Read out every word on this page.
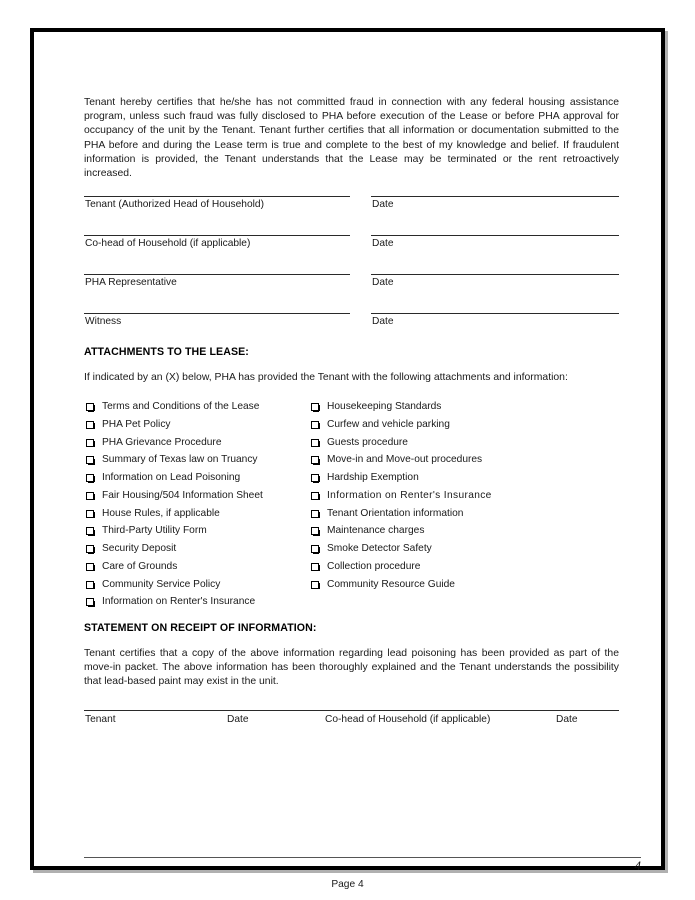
Tenant hereby certifies that he/she has not committed fraud in connection with any federal housing assistance program, unless such fraud was fully disclosed to PHA before execution of the Lease or before PHA approval for occupancy of the unit by the Tenant. Tenant further certifies that all information or documentation submitted to the PHA before and during the Lease term is true and complete to the best of my knowledge and belief. If fraudulent information is provided, the Tenant understands that the Lease may be terminated or the rent retroactively increased.
Tenant (Authorized Head of Household)	Date
Co-head of Household (if applicable)	Date
PHA Representative	Date
Witness	Date
ATTACHMENTS TO THE LEASE:
If indicated by an (X) below, PHA has provided the Tenant with the following attachments and information:
Terms and Conditions of the Lease
PHA Pet Policy
PHA Grievance Procedure
Summary of Texas law on Truancy
Information on Lead Poisoning
Fair Housing/504 Information Sheet
House Rules, if applicable
Third-Party Utility Form
Security Deposit
Care of Grounds
Community Service Policy
Information on Renter's Insurance
Housekeeping Standards
Curfew and vehicle parking
Guests procedure
Move-in and Move-out procedures
Hardship Exemption
Information on Renter's Insurance
Tenant Orientation information
Maintenance charges
Smoke Detector Safety
Collection procedure
Community Resource Guide
STATEMENT ON RECEIPT OF INFORMATION:
Tenant certifies that a copy of the above information regarding lead poisoning has been provided as part of the move-in packet. The above information has been thoroughly explained and the Tenant understands the possibility that lead-based paint may exist in the unit.
Tenant	Date	Co-head of Household (if applicable)	Date
4
Page 4
